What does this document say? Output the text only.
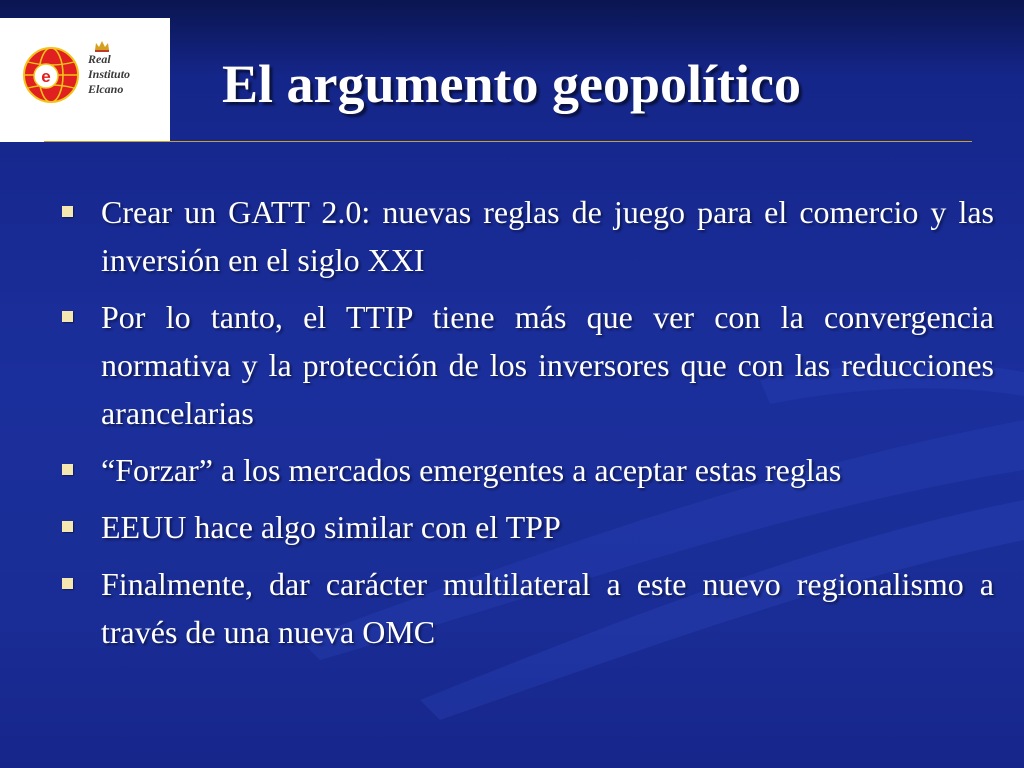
e
Real
Instituto
Elcano El argumento geopolítico
Crear un GATT 2.0: nuevas reglas de juego para el comercio y las inversión en el siglo XXI
Por lo tanto, el TTIP tiene más que ver con la convergencia normativa y la protección de los inversores que con las reducciones arancelarias
“Forzar” a los mercados emergentes a aceptar estas reglas
EEUU hace algo similar con el TPP
Finalmente, dar carácter multilateral a este nuevo regionalismo a través de una nueva OMC
